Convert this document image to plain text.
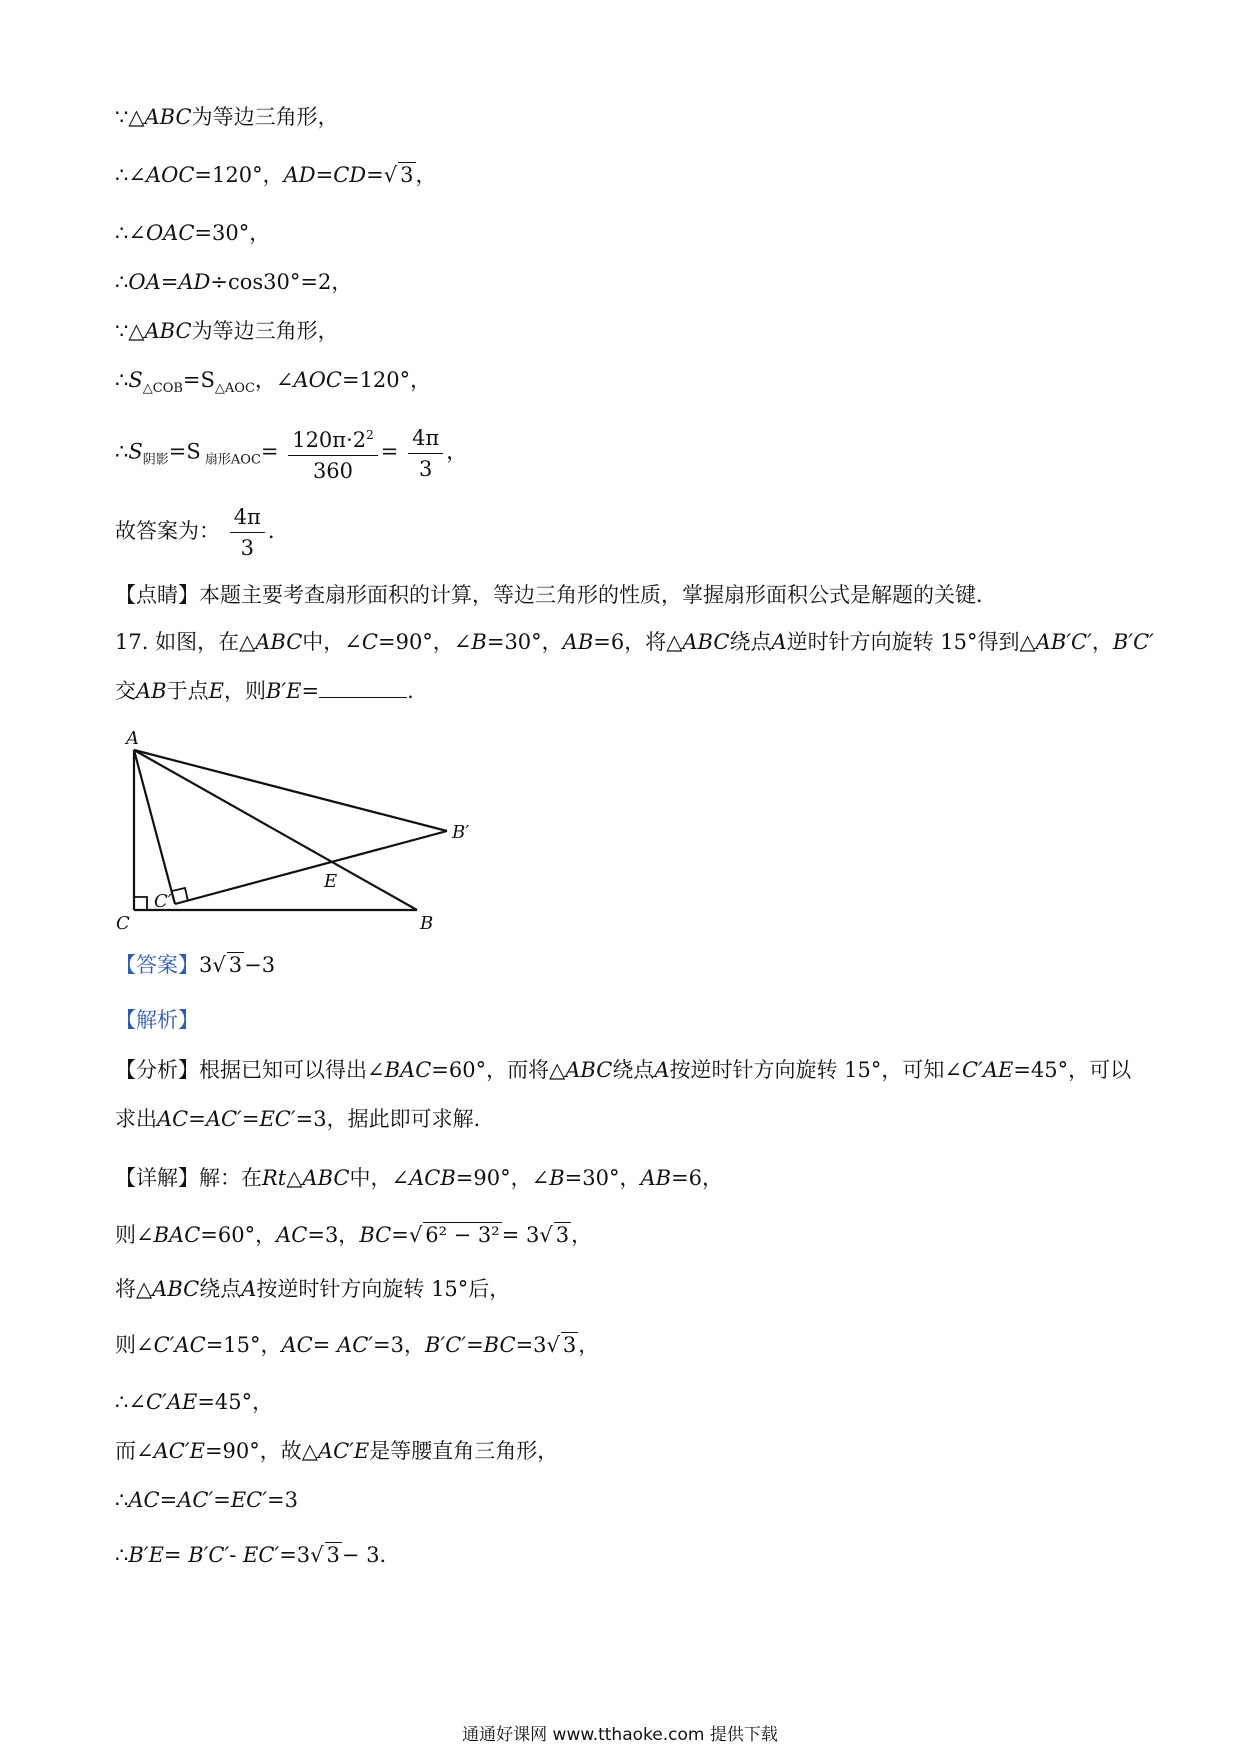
∵△ABC为等边三角形，
∴∠AOC=120°，AD=CD=√ 3，
∴∠OAC=30°，
∴OA=AD÷cos30°=2，
∵△ABC为等边三角形，
$\therefore S_{\triangle COB}=S_{\triangle AOC}$，∠AOC=120°，
$\therefore S_{阴影}=S$ $_{扇形AOC}= \frac{120\pi\cdot 2^2}{360} = \frac{4\pi}{3}$ ，
故答案为： $\frac{4\pi}{3}$ .
【点睛】本题主要考查扇形面积的计算，等边三角形的性质，掌握扇形面积公式是解题的关键．
17. 如图，在△ABC中，∠C=90°，∠B=30°，AB=6，将△ABC绕点A逆时针方向旋转 15°得到△AB′C′，B′C′
交AB于点E，则B′E=	.
A
C
C′
B
B′
E
【答案】3√ 3−3
【解析】
【分析】根据已知可以得出∠BAC=60°，而将△ABC绕点A按逆时针方向旋转 15°，可知∠C′AE=45°，可以
求出AC=AC′=EC′=3，据此即可求解．
【详解】解：在Rt△ABC中，∠ACB=90°，∠B=30°，AB=6，
则∠BAC=60°，AC=3，BC=√ 6² − 3²= 3√ 3，
将△ABC绕点A按逆时针方向旋转 15°后，
则∠C′AC=15°，AC= AC′=3，B′C′=BC=3√ 3，
∴∠C′AE=45°，
而∠AC′E=90°，故△AC′E是等腰直角三角形，
∴AC=AC′=EC′=3
∴B′E= B′C′- EC′=3√ 3− 3.
通通好课网 www.tthaoke.com 提供下载
